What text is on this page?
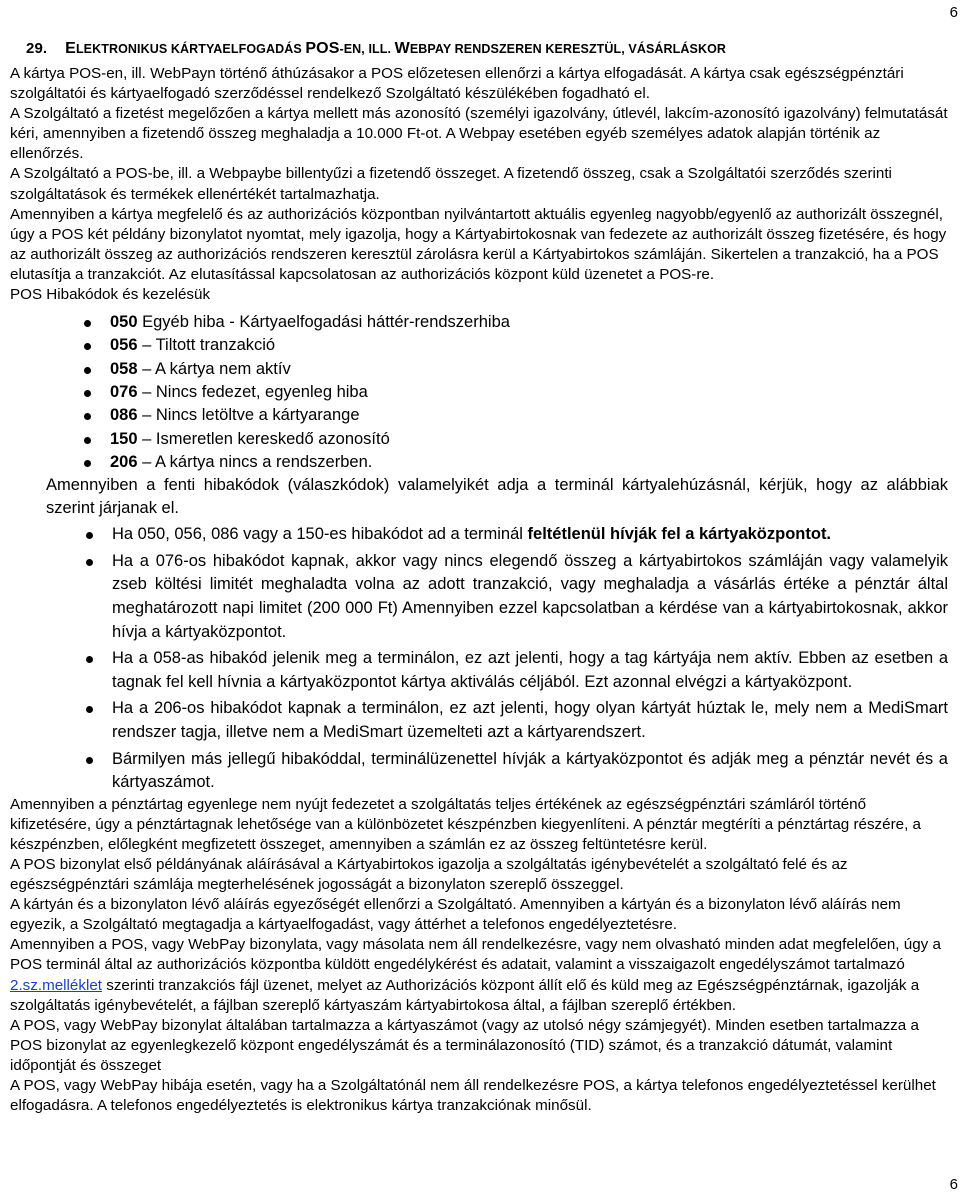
6
29. ELEKTRONIKUS KÁRTYAELFOGADÁS POS-EN, ILL. WEBPAY RENDSZEREN KERESZTÜL, VÁSÁRLÁSKOR

A kártya POS-en, ill. WebPayn történő áthúzásakor a POS előzetesen ellenőrzi a kártya elfogadását. A kártya csak egészségpénztári szolgáltatói és kártyaelfogadó szerződéssel rendelkező Szolgáltató készülékében fogadható el.

A Szolgáltató a fizetést megelőzően a kártya mellett más azonosító (személyi igazolvány, útlevél, lakcím-azonosító igazolvány) felmutatását kéri, amennyiben a fizetendő összeg meghaladja a 10.000 Ft-ot. A Webpay esetében egyéb személyes adatok alapján történik az ellenőrzés.

A Szolgáltató a POS-be, ill. a Webpaybe billentyűzi a fizetendő összeget. A fizetendő összeg, csak a Szolgáltatói szerződés szerinti szolgáltatások és termékek ellenértékét tartalmazhatja.

Amennyiben a kártya megfelelő és az authorizációs központban nyilvántartott aktuális egyenleg nagyobb/egyenlő az authorizált összegnél, úgy a POS két példány bizonylatot nyomtat, mely igazolja, hogy a Kártyabirtokosnak van fedezete az authorizált összeg fizetésére, és hogy az authorizált összeg az authorizációs rendszeren keresztül zárolásra kerül a Kártyabirtokos számláján. Sikertelen a tranzakció, ha a POS elutasítja a tranzakciót. Az elutasítással kapcsolatosan az authorizációs központ küld üzenetet a POS-re.

POS Hibakódok és kezelésük

050 Egyéb hiba - Kártyaelfogadási háttér-rendszerhiba
056 – Tiltott tranzakció
058 – A kártya nem aktív
076 – Nincs fedezet, egyenleg hiba
086 – Nincs letöltve a kártyarange
150 – Ismeretlen kereskedő azonosító
206 – A kártya nincs a rendszerben.

Amennyiben a fenti hibakódok (válaszkódok) valamelyikét adja a terminál kártyalehúzásnál, kérjük, hogy az alábbiak szerint járjanak el.

Ha 050, 056, 086 vagy a 150-es hibakódot ad a terminál feltétlenül hívják fel a kártyaközpontot.
Ha a 076-os hibakódot kapnak, akkor vagy nincs elegendő összeg a kártyabirtokos számláján vagy valamelyik zseb költési limitét meghaladta volna az adott tranzakció, vagy meghaladja a vásárlás értéke a pénztár által meghatározott napi limitet (200 000 Ft) Amennyiben ezzel kapcsolatban a kérdése van a kártyabirtokosnak, akkor hívja a kártyaközpontot.
Ha a 058-as hibakód jelenik meg a terminálon, ez azt jelenti, hogy a tag kártyája nem aktív. Ebben az esetben a tagnak fel kell hívnia a kártyaközpontot kártya aktiválás céljából. Ezt azonnal elvégzi a kártyaközpont.
Ha a 206-os hibakódot kapnak a terminálon, ez azt jelenti, hogy olyan kártyát húztak le, mely nem a MediSmart rendszer tagja, illetve nem a MediSmart üzemelteti azt a kártyarendszert.
Bármilyen más jellegű hibakóddal, terminálüzenettel hívják a kártyaközpontot és adják meg a pénztár nevét és a kártyaszámot.

Amennyiben a pénztártag egyenlege nem nyújt fedezetet a szolgáltatás teljes értékének az egészségpénztári számláról történő kifizetésére, úgy a pénztártagnak lehetősége van a különbözetet készpénzben kiegyenlíteni. A pénztár megtéríti a pénztártag részére, a készpénzben, előlegként megfizetett összeget, amennyiben a számlán ez az összeg feltüntetésre kerül.

A POS bizonylat első példányának aláírásával a Kártyabirtokos igazolja a szolgáltatás igénybevételét a szolgáltató felé és az egészségpénztári számlája megterhelésének jogosságát a bizonylaton szereplő összeggel.

A kártyán és a bizonylaton lévő aláírás egyezőségét ellenőrzi a Szolgáltató. Amennyiben a kártyán és a bizonylaton lévő aláírás nem egyezik, a Szolgáltató megtagadja a kártyaelfogadást, vagy áttérhet a telefonos engedélyeztetésre.

Amennyiben a POS, vagy WebPay bizonylata, vagy másolata nem áll rendelkezésre, vagy nem olvasható minden adat megfelelően, úgy a POS terminál által az authorizációs központba küldött engedélykérést és adatait, valamint a visszaigazolt engedélyszámot tartalmazó 2.sz.melléklet szerinti tranzakciós fájl üzenet, melyet az Authorizációs központ állít elő és küld meg az Egészségpénztárnak, igazolják a szolgáltatás igénybevételét, a fájlban szereplő kártyaszám kártyabirtokosa által, a fájlban szereplő értékben.

A POS, vagy WebPay bizonylat általában tartalmazza a kártyaszámot (vagy az utolsó négy számjegyét). Minden esetben tartalmazza a POS bizonylat az egyenlegkezelő központ engedélyszámát és a terminálazonosító (TID) számot, és a tranzakció dátumát, valamint időpontját és összeget

A POS, vagy WebPay hibája esetén, vagy ha a Szolgáltatónál nem áll rendelkezésre POS, a kártya telefonos engedélyeztetéssel kerülhet elfogadásra. A telefonos engedélyeztetés is elektronikus kártya tranzakciónak minősül.

6
